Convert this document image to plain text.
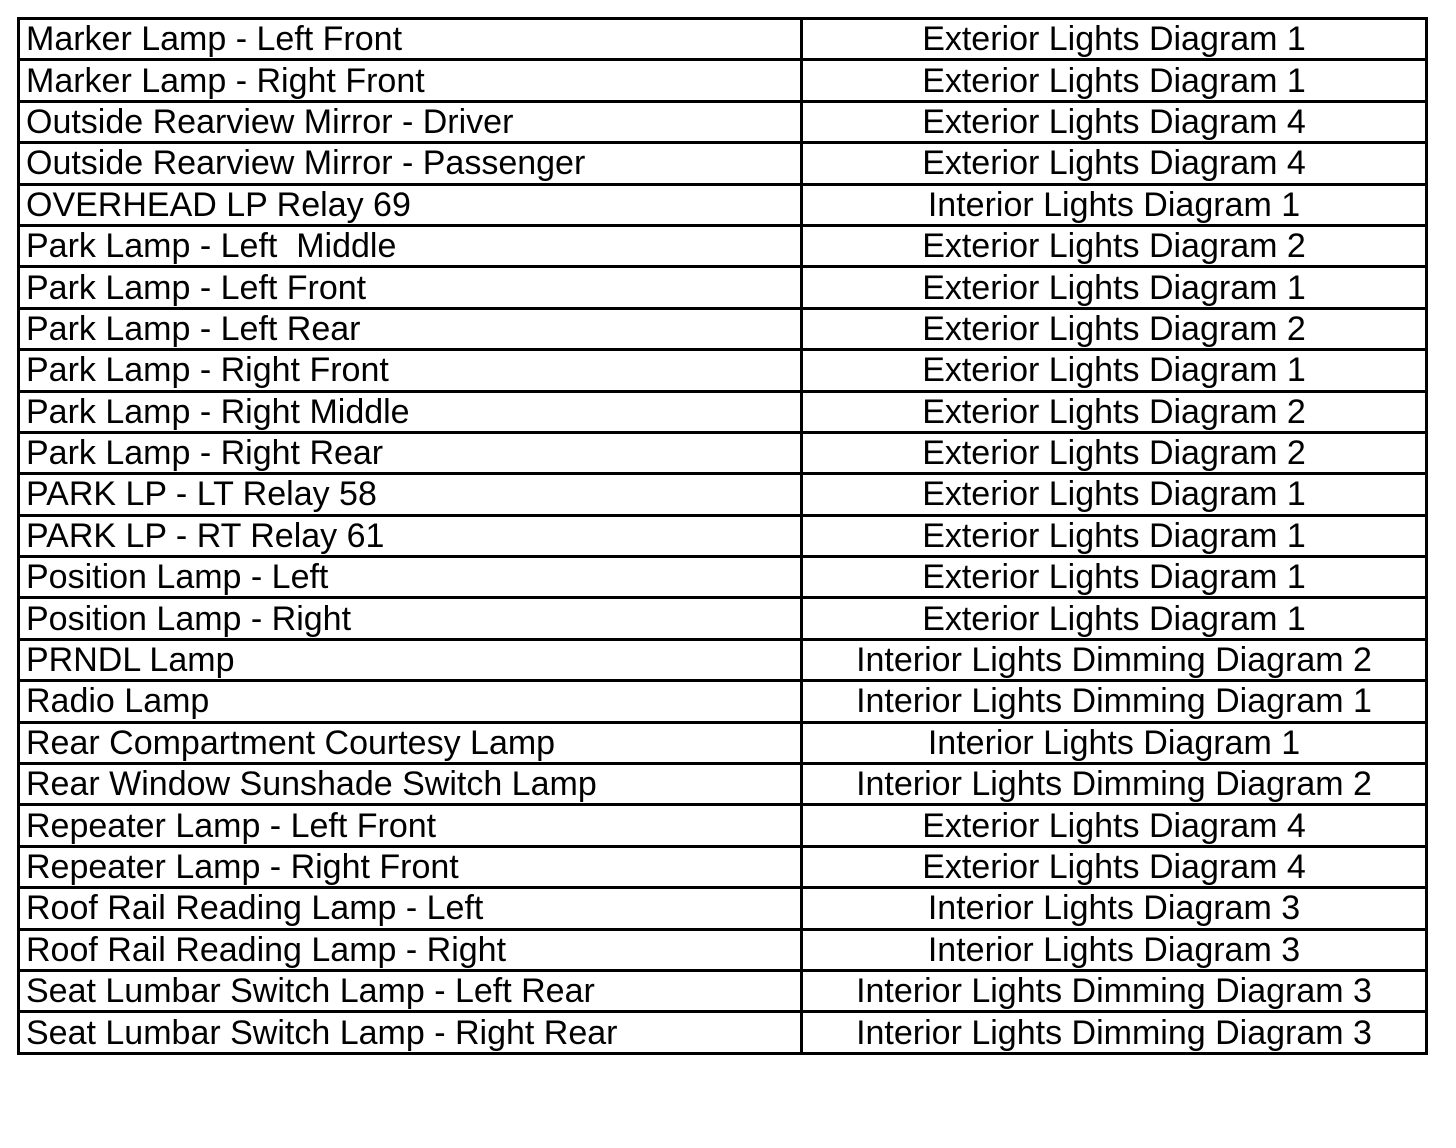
Marker Lamp - Left Front	Exterior Lights Diagram 1
Marker Lamp - Right Front	Exterior Lights Diagram 1
Outside Rearview Mirror - Driver	Exterior Lights Diagram 4
Outside Rearview Mirror - Passenger	Exterior Lights Diagram 4
OVERHEAD LP Relay 69	Interior Lights Diagram 1
Park Lamp - Left  Middle	Exterior Lights Diagram 2
Park Lamp - Left Front	Exterior Lights Diagram 1
Park Lamp - Left Rear	Exterior Lights Diagram 2
Park Lamp - Right Front	Exterior Lights Diagram 1
Park Lamp - Right Middle	Exterior Lights Diagram 2
Park Lamp - Right Rear	Exterior Lights Diagram 2
PARK LP - LT Relay 58	Exterior Lights Diagram 1
PARK LP - RT Relay 61	Exterior Lights Diagram 1
Position Lamp - Left	Exterior Lights Diagram 1
Position Lamp - Right	Exterior Lights Diagram 1
PRNDL Lamp	Interior Lights Dimming Diagram 2
Radio Lamp	Interior Lights Dimming Diagram 1
Rear Compartment Courtesy Lamp	Interior Lights Diagram 1
Rear Window Sunshade Switch Lamp	Interior Lights Dimming Diagram 2
Repeater Lamp - Left Front	Exterior Lights Diagram 4
Repeater Lamp - Right Front	Exterior Lights Diagram 4
Roof Rail Reading Lamp - Left	Interior Lights Diagram 3
Roof Rail Reading Lamp - Right	Interior Lights Diagram 3
Seat Lumbar Switch Lamp - Left Rear	Interior Lights Dimming Diagram 3
Seat Lumbar Switch Lamp - Right Rear	Interior Lights Dimming Diagram 3
